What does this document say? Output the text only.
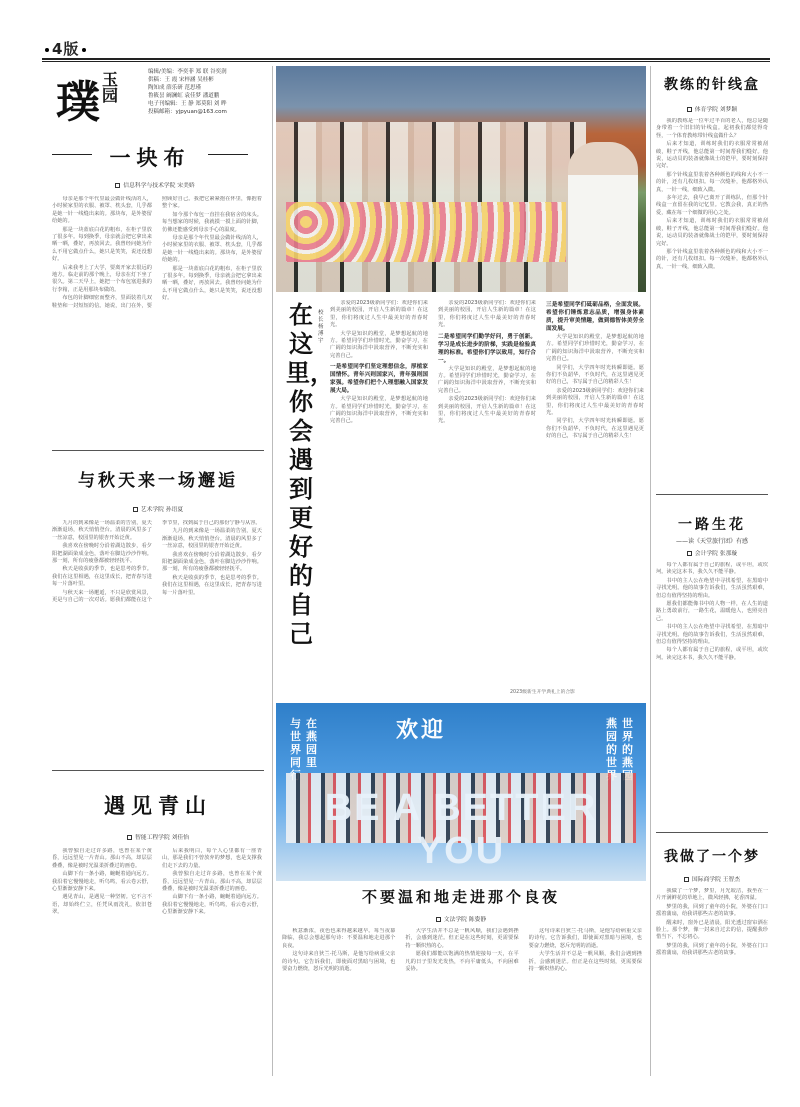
4版
璞 玉园
编辑/美编：李奕菲 郑 联 谷奕润
供稿：王 霞 宋梓涵 吴桂彬
陶知成 薛乐研 范思瑾
鲁筱昙 阚澜虹 袁佳梦 潘道鹏
电子刊编辑：王 静 郑莫阳 刘 晔
投稿邮箱：yjpyuan@163.com
一块布
信息科学与技术学院 宋美娇

母亲是那个年代里最会做针线活的人，小时候家里的衣服、被罩、枕头套，几乎都是她一针一线缝出来的。那块布，是外婆留给她的。

那是一块蓝底白花的粗布，在柜子里放了很多年。每到换季，母亲就会把它拿出来晒一晒，叠好，再放回去。我曾经问她为什么不用它做点什么，她只是笑笑，说还没想好。

后来我考上了大学，要离开家去很远的地方。临走前的那个晚上，母亲在灯下坐了很久。第二天早上，她把一个布包塞进我的行李箱，正是用那块布做的。

布包的针脚细密而整齐，里面装着几双鞋垫和一封短短的信。她说，出门在外，要照顾好自己。我把它紧紧抱在怀里，像抱着整个家。

如今那个布包一直挂在我宿舍的床头。每当想家的时候，我就摸一摸上面的针脚，仿佛还能感受到母亲手心的温度。

母亲是那个年代里最会做针线活的人，小时候家里的衣服、被罩、枕头套，几乎都是她一针一线缝出来的。那块布，是外婆留给她的。

那是一块蓝底白花的粗布，在柜子里放了很多年。每到换季，母亲就会把它拿出来晒一晒，叠好，再放回去。我曾经问她为什么不用它做点什么，她只是笑笑，说还没想好。

与秋天来一场邂逅
艺术学院 孙语夏

九月的到来像是一场温柔的告别，夏天渐渐退场，秋天悄悄登台。清晨的风里多了一丝凉意，校园里的银杏开始泛黄。

我喜欢在傍晚时分沿着湖边散步，看夕阳把湖面染成金色，落叶在脚边沙沙作响。那一刻，所有的疲惫都被轻轻抚平。

秋天是收获的季节，也是思考的季节。我们在这里相遇，在这里成长，把青春写进每一片落叶里。

与秋天来一场邂逅，不只是欣赏风景，更是与自己的一次对话。愿我们都能在这个季节里，找到属于自己的那份宁静与从容。

九月的到来像是一场温柔的告别，夏天渐渐退场，秋天悄悄登台。清晨的风里多了一丝凉意，校园里的银杏开始泛黄。

我喜欢在傍晚时分沿着湖边散步，看夕阳把湖面染成金色，落叶在脚边沙沙作响。那一刻，所有的疲惫都被轻轻抚平。

秋天是收获的季节，也是思考的季节。我们在这里相遇，在这里成长，把青春写进每一片落叶里。

遇见青山
智能工程学院 刘佳怡

我曾独自走过许多路，也曾在某个黄昏，远远望见一片青山。那山不高，却层层叠叠，像是被时光温柔折叠过的画卷。

山脚下有一条小路，蜿蜒着通向远方。我沿着它慢慢地走，听鸟鸣，看云卷云舒，心里渐渐安静下来。

遇见青山，是遇见一种坚韧。它不言不语，却始终伫立，任凭风雨洗礼，依旧苍翠。

后来我明白，每个人心里都有一座青山，那是我们不曾放弃的梦想，也是支撑我们走下去的力量。

我曾独自走过许多路，也曾在某个黄昏，远远望见一片青山。那山不高，却层层叠叠，像是被时光温柔折叠过的画卷。

山脚下有一条小路，蜿蜒着通向远方。我沿着它慢慢地走，听鸟鸣，看云卷云舒，心里渐渐安静下来。

在这里，你会遇到更好的自己
校长 杨溥宇

亲爱的2023级新同学们：欢迎你们来到美丽的校园，开启人生新的篇章！在这里，你们将度过人生中最美好的青春时光。

大学是知识的殿堂，是梦想起航的地方。希望同学们珍惜时光，勤奋学习，在广阔的知识海洋中汲取营养，不断充实和完善自己。

一是希望同学们坚定理想信念，厚植家国情怀。青年兴则国家兴，青年强则国家强。希望你们把个人理想融入国家发展大局。

大学是知识的殿堂，是梦想起航的地方。希望同学们珍惜时光，勤奋学习，在广阔的知识海洋中汲取营养，不断充实和完善自己。

亲爱的2023级新同学们：欢迎你们来到美丽的校园，开启人生新的篇章！在这里，你们将度过人生中最美好的青春时光。

二是希望同学们勤学好问，勇于创新。学习是成长进步的阶梯，实践是检验真理的标准。希望你们学以致用，知行合一。

大学是知识的殿堂，是梦想起航的地方。希望同学们珍惜时光，勤奋学习，在广阔的知识海洋中汲取营养，不断充实和完善自己。

亲爱的2023级新同学们：欢迎你们来到美丽的校园，开启人生新的篇章！在这里，你们将度过人生中最美好的青春时光。

三是希望同学们砥砺品格，全面发展。希望你们锤炼意志品质，增强身体素质，提升审美情趣，做到德智体美劳全面发展。

大学是知识的殿堂，是梦想起航的地方。希望同学们珍惜时光，勤奋学习，在广阔的知识海洋中汲取营养，不断充实和完善自己。

同学们，大学四年时光转瞬即逝。愿你们不负韶华，不负时代，在这里遇见更好的自己，书写属于自己的精彩人生！

亲爱的2023级新同学们：欢迎你们来到美丽的校园，开启人生新的篇章！在这里，你们将度过人生中最美好的青春时光。

同学们，大学四年时光转瞬即逝。愿你们不负韶华，不负时代，在这里遇见更好的自己，书写属于自己的精彩人生！

2023级新生开学典礼上的合影
欢迎
与世界同
在燕园里
燕园的世
世界的燕
BE A BETTER YOU
不要温和地走进那个良夜
文法学院 陈姿静

秋意渐浓，夜色也来得越来越早。每当夜幕降临，我总会想起那句诗：不要温和地走进那个良夜。

这句诗来自狄兰·托马斯，是他写给病重父亲的诗句。它告诉我们，即使面对黑暗与困境，也要奋力燃烧，怒斥光明的消逝。

大学生活并不总是一帆风顺，我们会遇到挫折，会感到迷茫。但正是在这些时刻，更需要保持一颗炽热的心。

愿我们都能以饱满的热情迎接每一天，在平凡的日子里发光发热，不向平庸低头，不向困难妥协。

这句诗来自狄兰·托马斯，是他写给病重父亲的诗句。它告诉我们，即使面对黑暗与困境，也要奋力燃烧，怒斥光明的消逝。

大学生活并不总是一帆风顺，我们会遇到挫折，会感到迷茫。但正是在这些时刻，更需要保持一颗炽热的心。

教练的针线盒
体育学院 刘梦颖

我的教练是一位年过半百的老人，他总是随身带着一个旧旧的针线盒。起初我们都觉得奇怪，一个体育教练带针线盒做什么？

后来才知道，训练时我们的衣服常常被刮破，鞋子开线，他总能第一时间帮我们缝好。他说，运动员的装备就像战士的铠甲，要时刻保持完好。

那个针线盒里装着各种颜色的线和大小不一的针，还有几枚纽扣。每一次缝补，他都格外认真，一针一线，细致入微。

多年过去，我早已离开了训练队，但那个针线盒一直留在我的记忆里。它教会我，真正的热爱，藏在每一个细微的用心之处。

后来才知道，训练时我们的衣服常常被刮破，鞋子开线，他总能第一时间帮我们缝好。他说，运动员的装备就像战士的铠甲，要时刻保持完好。

那个针线盒里装着各种颜色的线和大小不一的针，还有几枚纽扣。每一次缝补，他都格外认真，一针一线，细致入微。

一路生花
——读《天堂旅行团》有感
会计学院 张那璇

每个人都有属于自己的旅程，或平坦，或坎坷。读完这本书，我久久不能平静。

书中的主人公在绝望中寻找希望，在黑暗中寻找光明。他的故事告诉我们，生活虽然艰难，但总有值得坚持的理由。

愿我们都能像书中的人物一样，在人生的道路上勇敢前行，一路生花，温暖他人，也照亮自己。

书中的主人公在绝望中寻找希望，在黑暗中寻找光明。他的故事告诉我们，生活虽然艰难，但总有值得坚持的理由。

每个人都有属于自己的旅程，或平坦，或坎坷。读完这本书，我久久不能平静。

我做了一个梦
国际商学院 王智杰

我做了一个梦，梦里，月光皎洁，我坐在一片开满鲜花的草地上，微风轻拂，花香四溢。

梦里的我，回到了童年的小院，外婆在门口摇着蒲扇，给我讲那些古老的故事。

醒来时，窗外已是清晨，阳光透过窗帘洒在脸上。那个梦，像一封来自过去的信，提醒我珍惜当下，不忘初心。

梦里的我，回到了童年的小院，外婆在门口摇着蒲扇，给我讲那些古老的故事。
